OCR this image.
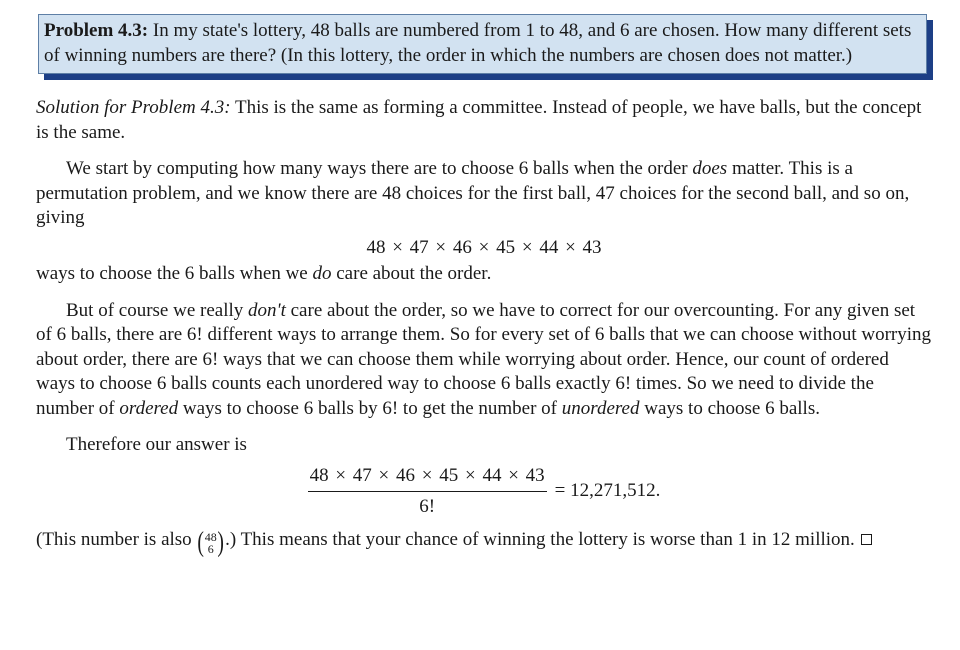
Problem 4.3: In my state's lottery, 48 balls are numbered from 1 to 48, and 6 are chosen. How many different sets of winning numbers are there? (In this lottery, the order in which the numbers are chosen does not matter.)

Solution for Problem 4.3: This is the same as forming a committee. Instead of people, we have balls, but the concept is the same.

We start by computing how many ways there are to choose 6 balls when the order does matter. This is a permutation problem, and we know there are 48 choices for the first ball, 47 choices for the second ball, and so on, giving

48 × 47 × 46 × 45 × 44 × 43

ways to choose the 6 balls when we do care about the order.

But of course we really don't care about the order, so we have to correct for our overcounting. For any given set of 6 balls, there are 6! different ways to arrange them. So for every set of 6 balls that we can choose without worrying about order, there are 6! ways that we can choose them while worrying about order. Hence, our count of ordered ways to choose 6 balls counts each unordered way to choose 6 balls exactly 6! times. So we need to divide the number of ordered ways to choose 6 balls by 6! to get the number of unordered ways to choose 6 balls.

Therefore our answer is

$\frac{48 \times 47 \times 46 \times 45 \times 44 \times 43}{6!} = 12,271,512$.

(This number is also ( 48
6 ) .) This means that your chance of winning the lottery is worse than 1 in 12 million.
